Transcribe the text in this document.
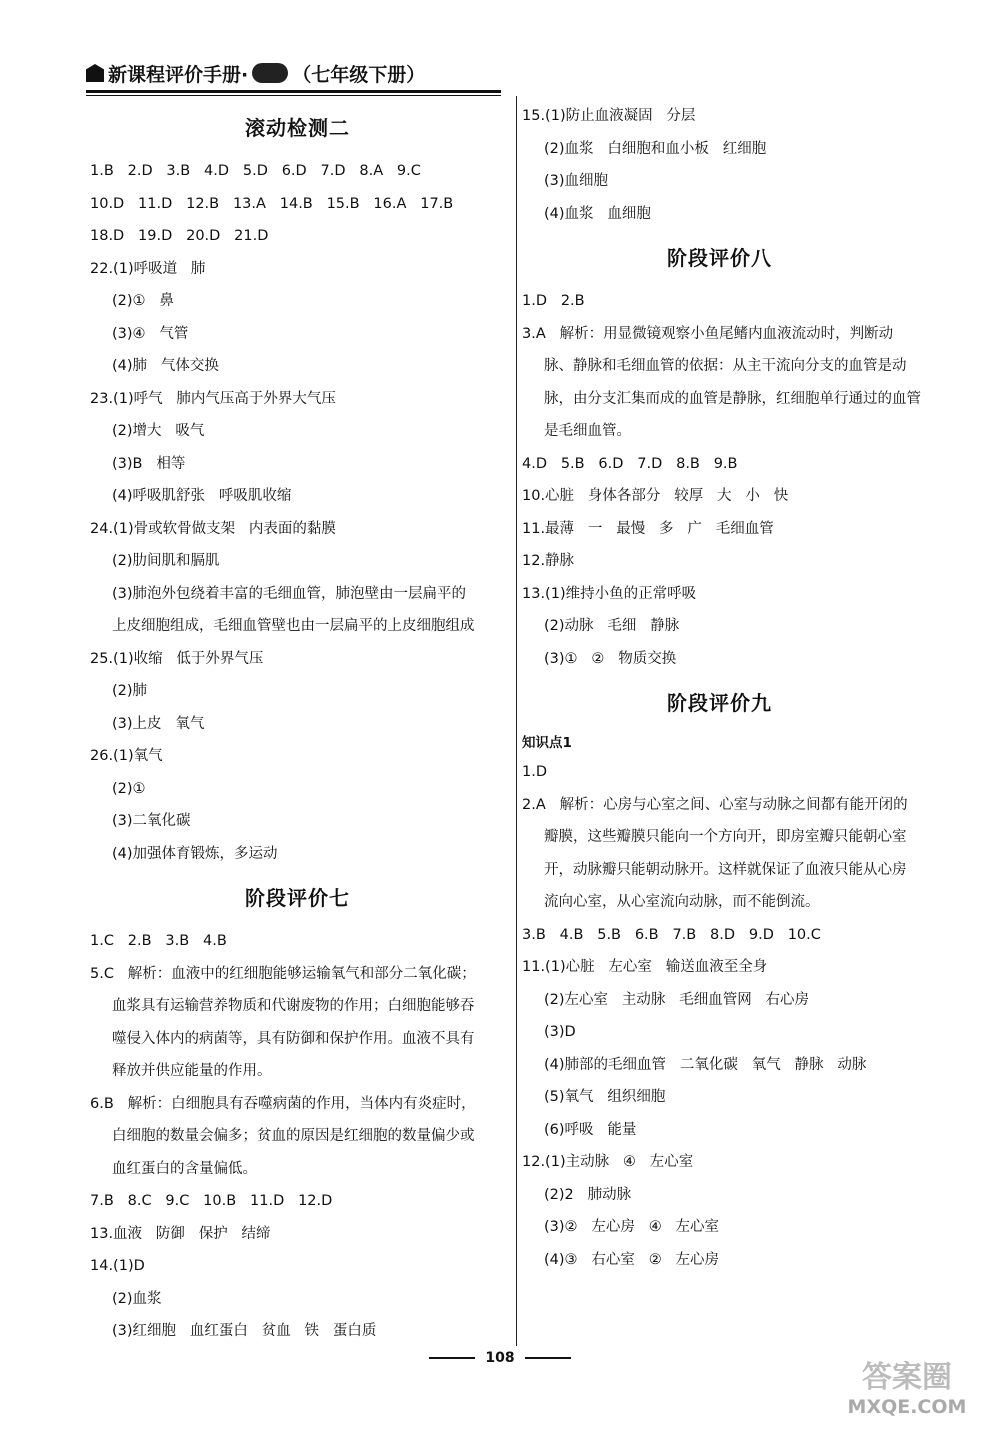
新课程评价手册· （七年级下册）
滚动检测二
1.B   2.D   3.B   4.D   5.D   6.D   7.D   8.A   9.C
10.D   11.D   12.B   13.A   14.B   15.B   16.A   17.B
18.D   19.D   20.D   21.D
22.(1)呼吸道   肺
(2)①   鼻
(3)④   气管
(4)肺   气体交换
23.(1)呼气   肺内气压高于外界大气压
(2)增大   吸气
(3)B   相等
(4)呼吸肌舒张   呼吸肌收缩
24.(1)骨或软骨做支架   内表面的黏膜
(2)肋间肌和膈肌
(3)肺泡外包绕着丰富的毛细血管，肺泡壁由一层扁平的
上皮细胞组成，毛细血管壁也由一层扁平的上皮细胞组成
25.(1)收缩   低于外界气压
(2)肺
(3)上皮   氧气
26.(1)氧气
(2)①
(3)二氧化碳
(4)加强体育锻炼，多运动
阶段评价七
1.C   2.B   3.B   4.B
5.C   解析：血液中的红细胞能够运输氧气和部分二氧化碳；
血浆具有运输营养物质和代谢废物的作用；白细胞能够吞
噬侵入体内的病菌等，具有防御和保护作用。血液不具有
释放并供应能量的作用。
6.B   解析：白细胞具有吞噬病菌的作用，当体内有炎症时，
白细胞的数量会偏多；贫血的原因是红细胞的数量偏少或
血红蛋白的含量偏低。
7.B   8.C   9.C   10.B   11.D   12.D
13.血液   防御   保护   结缔
14.(1)D
(2)血浆
(3)红细胞   血红蛋白   贫血   铁   蛋白质
15.(1)防止血液凝固   分层
(2)血浆   白细胞和血小板   红细胞
(3)血细胞
(4)血浆   血细胞
阶段评价八
1.D   2.B
3.A   解析：用显微镜观察小鱼尾鳍内血液流动时，判断动
脉、静脉和毛细血管的依据：从主干流向分支的血管是动
脉，由分支汇集而成的血管是静脉，红细胞单行通过的血管
是毛细血管。
4.D   5.B   6.D   7.D   8.B   9.B
10.心脏   身体各部分   较厚   大   小   快
11.最薄   一   最慢   多   广   毛细血管
12.静脉
13.(1)维持小鱼的正常呼吸
(2)动脉   毛细   静脉
(3)①   ②   物质交换
阶段评价九
知识点1
1.D
2.A   解析：心房与心室之间、心室与动脉之间都有能开闭的
瓣膜，这些瓣膜只能向一个方向开，即房室瓣只能朝心室
开，动脉瓣只能朝动脉开。这样就保证了血液只能从心房
流向心室，从心室流向动脉，而不能倒流。
3.B   4.B   5.B   6.B   7.B   8.D   9.D   10.C
11.(1)心脏   左心室   输送血液至全身
(2)左心室   主动脉   毛细血管网   右心房
(3)D
(4)肺部的毛细血管   二氧化碳   氧气   静脉   动脉
(5)氧气   组织细胞
(6)呼吸   能量
12.(1)主动脉   ④   左心室
(2)2   肺动脉
(3)②   左心房   ④   左心室
(4)③   右心室   ②   左心房
108
答案圈
MXQE.COM
